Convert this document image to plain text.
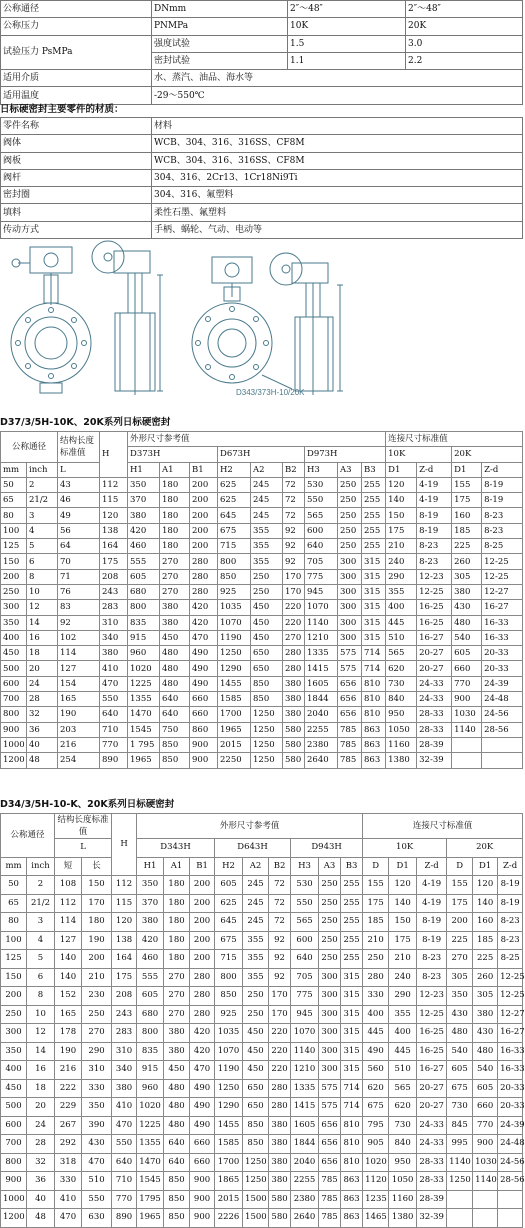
公称通径	DNmm	2″～48″	2″～48″
公称压力	PNMPa	10K	20K
试验压力 PsMPa	强度试验	1.5	3.0
	密封试验	1.1	2.2
适用介质	水、蒸汽、油品、海水等		
适用温度	-29～550℃		
日标硬密封主要零件的材质：
零件名称	材料
阀体	WCB、304、316、316SS、CF8M
阀板	WCB、304、316、316SS、CF8M
阀杆	304、316、2Cr13、1Cr18Ni9Ti
密封圈	304、316、氟塑料
填料	柔性石墨、氟塑料
传动方式	手柄、蜗轮、气动、电动等
D343/373H-10/20K
D37/3/5H-10K、20K系列日标硬密封
公称通径		结构长度标准值	H	外形尺寸参考值									连接尺寸标准值			
				D373H			D673H			D973H			10K		20K	
mm	inch	L		H1	A1	B1	H2	A2	B2	H3	A3	B3	D1	Z-d	D1	Z-d
50	2	43	112	350	180	200	625	245	72	530	250	255	120	4-19	155	8-19
65	21/2	46	115	370	180	200	625	245	72	550	250	255	140	4-19	175	8-19
80	3	49	120	380	180	200	645	245	72	565	250	255	150	8-19	160	8-23
100	4	56	138	420	180	200	675	355	92	600	250	255	175	8-19	185	8-23
125	5	64	164	460	180	200	715	355	92	640	250	255	210	8-23	225	8-25
150	6	70	175	555	270	280	800	355	92	705	300	315	240	8-23	260	12-25
200	8	71	208	605	270	280	850	250	170	775	300	315	290	12-23	305	12-25
250	10	76	243	680	270	280	925	250	170	945	300	315	355	12-25	380	12-27
300	12	83	283	800	380	420	1035	450	220	1070	300	315	400	16-25	430	16-27
350	14	92	310	835	380	420	1070	450	220	1140	300	315	445	16-25	480	16-33
400	16	102	340	915	450	470	1190	450	270	1210	300	315	510	16-27	540	16-33
450	18	114	380	960	480	490	1250	650	280	1335	575	714	565	20-27	605	20-33
500	20	127	410	1020	480	490	1290	650	280	1415	575	714	620	20-27	660	20-33
600	24	154	470	1225	480	490	1455	850	380	1605	656	810	730	24-33	770	24-39
700	28	165	550	1355	640	660	1585	850	380	1844	656	810	840	24-33	900	24-48
800	32	190	640	1470	640	660	1700	1250	380	2040	656	810	950	28-33	1030	24-56
900	36	203	710	1545	750	860	1965	1250	580	2255	785	863	1050	28-33	1140	28-56
1000	40	216	770	1 795	850	900	2015	1250	580	2380	785	863	1160	28-39		
1200	48	254	890	1965	850	900	2250	1250	580	2640	785	863	1380	32-39		
D34/3/5H-10-K、20K系列日标硬密封
公称通径		结构长度标准值		H	外形尺寸参考值									连接尺寸标准值					

		L			D343H			D643H			D943H			10K			20K		
mm	inch	短	长		H1	A1	B1	H2	A2	B2	H3	A3	B3	D	D1	Z-d	D	D1	Z-d
50	2	108	150	112	350	180	200	605	245	72	530	250	255	155	120	4-19	155	120	8-19
65	21/2	112	170	115	370	180	200	625	245	72	550	250	255	175	140	4-19	175	140	8-19
80	3	114	180	120	380	180	200	645	245	72	565	250	255	185	150	8-19	200	160	8-23
100	4	127	190	138	420	180	200	675	355	92	600	250	255	210	175	8-19	225	185	8-23
125	5	140	200	164	460	180	200	715	355	92	640	250	255	250	210	8-23	270	225	8-25
150	6	140	210	175	555	270	280	800	355	92	705	300	315	280	240	8-23	305	260	12-25
200	8	152	230	208	605	270	280	850	250	170	775	300	315	330	290	12-23	350	305	12-25
250	10	165	250	243	680	270	280	925	250	170	945	300	315	400	355	12-25	430	380	12-27
300	12	178	270	283	800	380	420	1035	450	220	1070	300	315	445	400	16-25	480	430	16-27
350	14	190	290	310	835	380	420	1070	450	220	1140	300	315	490	445	16-25	540	480	16-33
400	16	216	310	340	915	450	470	1190	450	220	1210	300	315	560	510	16-27	605	540	16-33
450	18	222	330	380	960	480	490	1250	650	280	1335	575	714	620	565	20-27	675	605	20-33
500	20	229	350	410	1020	480	490	1290	650	280	1415	575	714	675	620	20-27	730	660	20-33
600	24	267	390	470	1225	480	490	1455	850	380	1605	656	810	795	730	24-33	845	770	24-39
700	28	292	430	550	1355	640	660	1585	850	380	1844	656	810	905	840	24-33	995	900	24-48
800	32	318	470	640	1470	640	660	1700	1250	380	2040	656	810	1020	950	28-33	1140	1030	24-56
900	36	330	510	710	1545	850	900	1865	1250	380	2255	785	863	1120	1050	28-33	1250	1140	28-56
1000	40	410	550	770	1795	850	900	2015	1500	580	2380	785	863	1235	1160	28-39			
1200	48	470	630	890	1965	850	900	2226	1500	580	2640	785	863	1465	1380	32-39			
